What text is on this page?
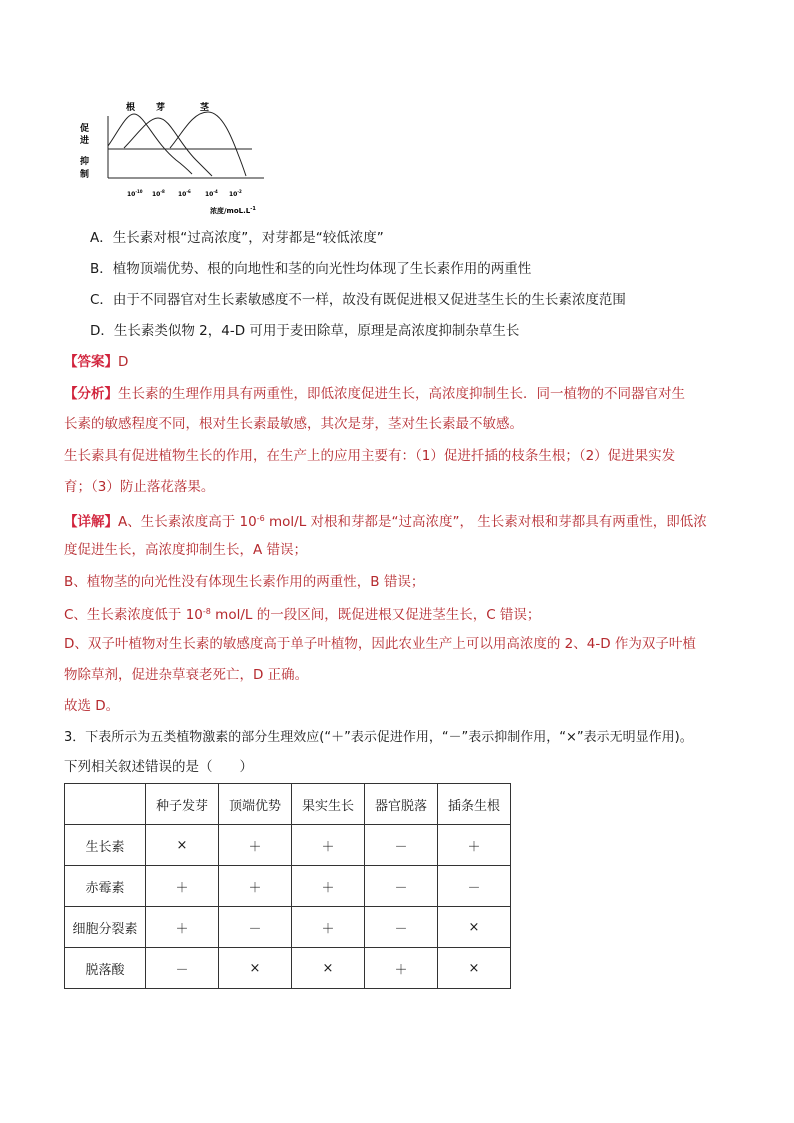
根 芽	茎
促
进
抑
制
$10^{-10}$ $10^{-8}$ $10^{-6}$ $10^{-4}$ $10^{-2}$
浓度$/moL.L^{-1}$
A．生长素对根“过高浓度”，对芽都是“较低浓度”
B．植物顶端优势、根的向地性和茎的向光性均体现了生长素作用的两重性
C．由于不同器官对生长素敏感度不一样，故没有既促进根又促进茎生长的生长素浓度范围
D．生长素类似物 2，4-D 可用于麦田除草，原理是高浓度抑制杂草生长
【答案】D
【分析】生长素的生理作用具有两重性，即低浓度促进生长，高浓度抑制生长．同一植物的不同器官对生
长素的敏感程度不同，根对生长素最敏感，其次是芽，茎对生长素最不敏感。
生长素具有促进植物生长的作用，在生产上的应用主要有：（1）促进扦插的枝条生根；（2）促进果实发
育；（3）防止落花落果。
【详解】A、生长素浓度高于 $10^{-6}$ mol/L 对根和芽都是“过高浓度”， 生长素对根和芽都具有两重性，即低浓
度促进生长，高浓度抑制生长，A 错误；
B、植物茎的向光性没有体现生长素作用的两重性，B 错误；
C、生长素浓度低于 $10^{-8}$ mol/L 的一段区间，既促进根又促进茎生长，C 错误；
D、双子叶植物对生长素的敏感度高于单子叶植物，因此农业生产上可以用高浓度的 2、4-D 作为双子叶植
物除草剂，促进杂草衰老死亡，D 正确。
故选 D。
3．下表所示为五类植物激素的部分生理效应(“＋”表示促进作用，“－”表示抑制作用，“×”表示无明显作用)。
下列相关叙述错误的是（　　）
	种子发芽	顶端优势	果实生长	器官脱落	插条生根
生长素	×	＋	＋	－	＋
赤霉素	＋	＋	＋	－	－
细胞分裂素	＋	－	＋	－	×
脱落酸	－	×	×	＋	×
